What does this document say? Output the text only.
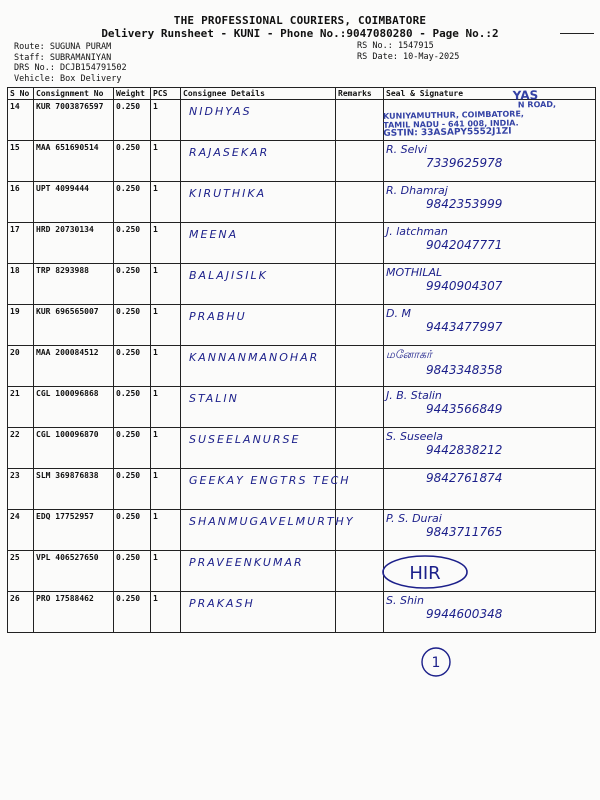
THE PROFESSIONAL COURIERS, COIMBATORE
Delivery Runsheet - KUNI - Phone No.:9047080280 - Page No.:2
Route: SUGUNA PURAM
Staff: SUBRAMANIYAN
DRS No.: DCJB154791502
Vehicle: Box Delivery
RS No.: 1547915
RS Date: 10-May-2025
S No	Consignment No	Weight	PCS	Consignee Details	Remarks	Seal & Signature
14	KUR 7003876597	0.250	1	NIDHYAS		

15	MAA 651690514	0.250	1	RAJASEKAR		R. Selvi
7339625978

16	UPT 4099444	0.250	1	KIRUTHIKA		R. Dhamraj
9842353999

17	HRD 20730134	0.250	1	MEENA		J. latchman
9042047771

18	TRP 8293988	0.250	1	BALAJISILK		MOTHILAL
9940904307

19	KUR 696565007	0.250	1	PRABHU		D. M
9443477997

20	MAA 200084512	0.250	1	KANNANMANOHAR		மனோகர்
9843348358

21	CGL 100096868	0.250	1	STALIN		J. B. Stalin
9443566849

22	CGL 100096870	0.250	1	SUSEELANURSE		S. Suseela
9442838212

23	SLM 369876838	0.250	1	GEEKAY ENGTRS TECH		9842761874

24	EDQ 17752957	0.250	1	SHANMUGAVELMURTHY		P. S. Durai
9843711765

25	VPL 406527650	0.250	1	PRAVEENKUMAR		

26	PRO 17588462	0.250	1	PRAKASH		S. Shin
9944600348
YAS
N ROAD,
KUNIYAMUTHUR, COIMBATORE,
TAMIL NADU - 641 008, INDIA.
GSTIN: 33ASAPY5552J1ZI
HIR
1
